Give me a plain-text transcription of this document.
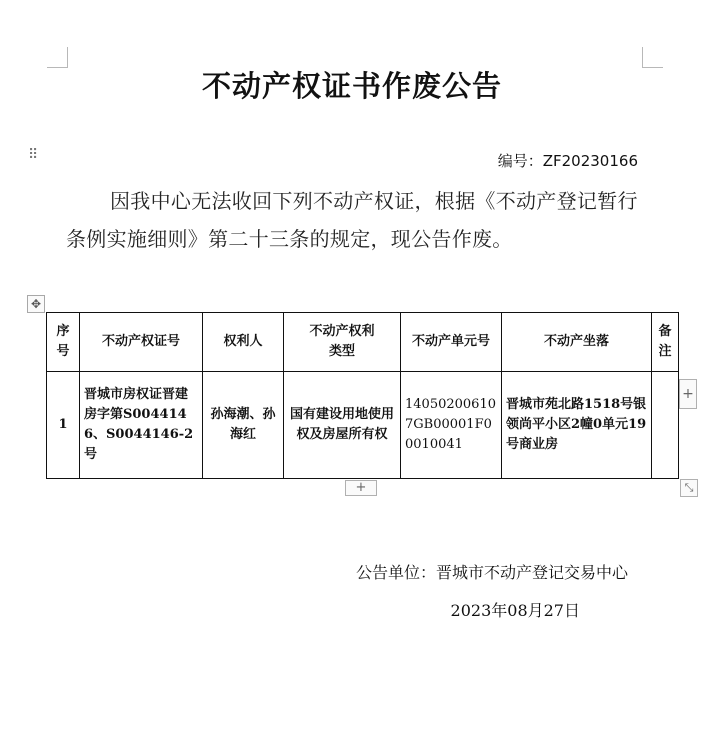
不动产权证书作废公告
⠿	编号：ZF20230166
因我中心无法收回下列不动产权证，根据《不动产登记暂行条例实施细则》第二十三条的规定，现公告作废。
✥
序号	不动产权证号	权利人	不动产权利类型	不动产单元号	不动产坐落	备注
1	晋城市房权证晋建房字第S0044146、S0044146-2号	孙海潮、孙海红	国有建设用地使用权及房屋所有权	140502006107GB00001F00010041	晋城市苑北路1518号银领尚平小区2幢0单元19号商业房	
+
+	⤡
公告单位：晋城市不动产登记交易中心
2023年08月27日
